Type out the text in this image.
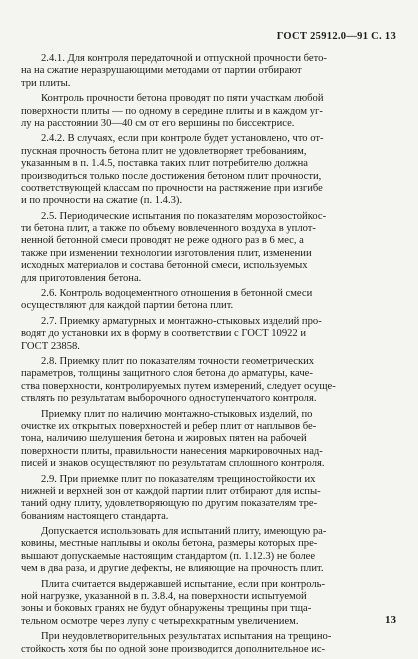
ГОСТ 25912.0—91 С. 13
2.4.1. Для контроля передаточной и отпускной прочности бето-
на на сжатие неразрушающими методами от партии отбирают
три плиты.
Контроль прочности бетона проводят по пяти участкам любой
поверхности плиты — по одному в середине плиты и в каждом уг-
лу на расстоянии 30—40 см от его вершины по биссектрисе.
2.4.2. В случаях, если при контроле будет установлено, что от-
пускная прочность бетона плит не удовлетворяет требованиям,
указанным в п. 1.4.5, поставка таких плит потребителю должна
производиться только после достижения бетоном плит прочности,
соответствующей классам по прочности на растяжение при изгибе
и по прочности на сжатие (п. 1.4.3).
2.5. Периодические испытания по показателям морозостойкос-
ти бетона плит, а также по объему вовлеченного воздуха в уплот-
ненной бетонной смеси проводят не реже одного раз в 6 мес, а
также при изменении технологии изготовления плит, изменении
исходных материалов и состава бетонной смеси, используемых
для приготовления бетона.
2.6. Контроль водоцементного отношения в бетонной смеси
осуществляют для каждой партии бетона плит.
2.7. Приемку арматурных и монтажно-стыковых изделий про-
водят до установки их в форму в соответствии с ГОСТ 10922 и
ГОСТ 23858.
2.8. Приемку плит по показателям точности геометрических
параметров, толщины защитного слоя бетона до арматуры, каче-
ства поверхности, контролируемых путем измерений, следует осуще-
ствлять по результатам выборочного одноступенчатого контроля.
Приемку плит по наличию монтажно-стыковых изделий, по
очистке их открытых поверхностей и ребер плит от наплывов бе-
тона, наличию шелушения бетона и жировых пятен на рабочей
поверхности плиты, правильности нанесения маркировочных над-
писей и знаков осуществляют по результатам сплошного контроля.
2.9. При приемке плит по показателям трещиностойкости их
нижней и верхней зон от каждой партии плит отбирают для испы-
таний одну плиту, удовлетворяющую по другим показателям тре-
бованиям настоящего стандарта.
Допускается использовать для испытаний плиту, имеющую ра-
ковины, местные наплывы и околы бетона, размеры которых пре-
вышают допускаемые настоящим стандартом (п. 1.12.3) не более
чем в два раза, и другие дефекты, не влияющие на прочность плит.
Плита считается выдержавшей испытание, если при контроль-
ной нагрузке, указанной в п. 3.8.4, на поверхности испытуемой
зоны и боковых гранях не будут обнаружены трещины при тща-
тельном осмотре через лупу с четырехкратным увеличением.
При неудовлетворительных результатах испытания на трещино-
стойкость хотя бы по одной зоне производится дополнительное ис-
13
